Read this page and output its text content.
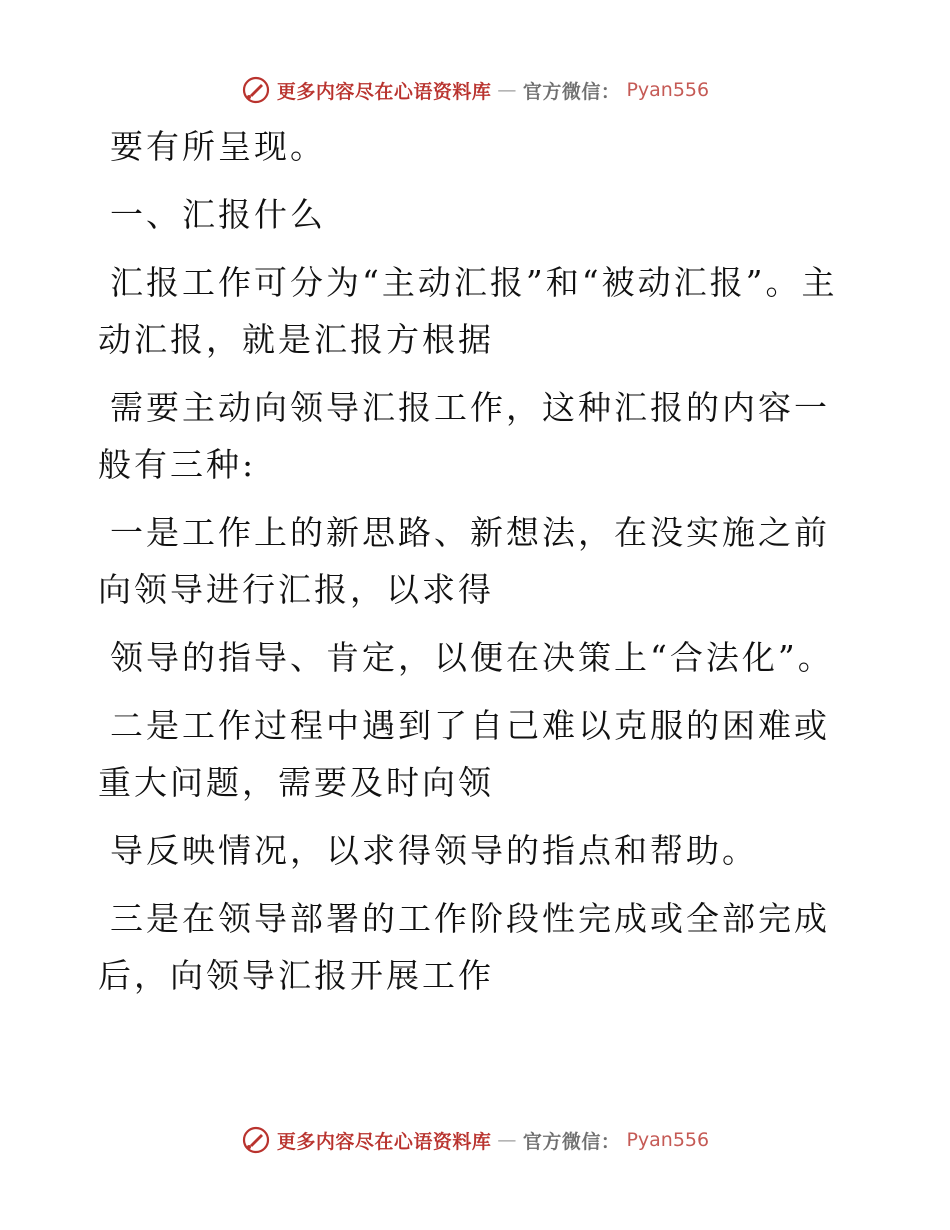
更多内容尽在心语资料库 — 官方微信： Pyan556

要有所呈现。

一、汇报什么

汇报工作可分为“主动汇报”和“被动汇报”。主动汇报，就是汇报方根据

需要主动向领导汇报工作，这种汇报的内容一般有三种:

一是工作上的新思路、新想法，在没实施之前向领导进行汇报，以求得

领导的指导、肯定，以便在决策上“合法化”。

二是工作过程中遇到了自己难以克服的困难或重大问题，需要及时向领

导反映情况，以求得领导的指点和帮助。

三是在领导部署的工作阶段性完成或全部完成后，向领导汇报开展工作

更多内容尽在心语资料库 — 官方微信： Pyan556
